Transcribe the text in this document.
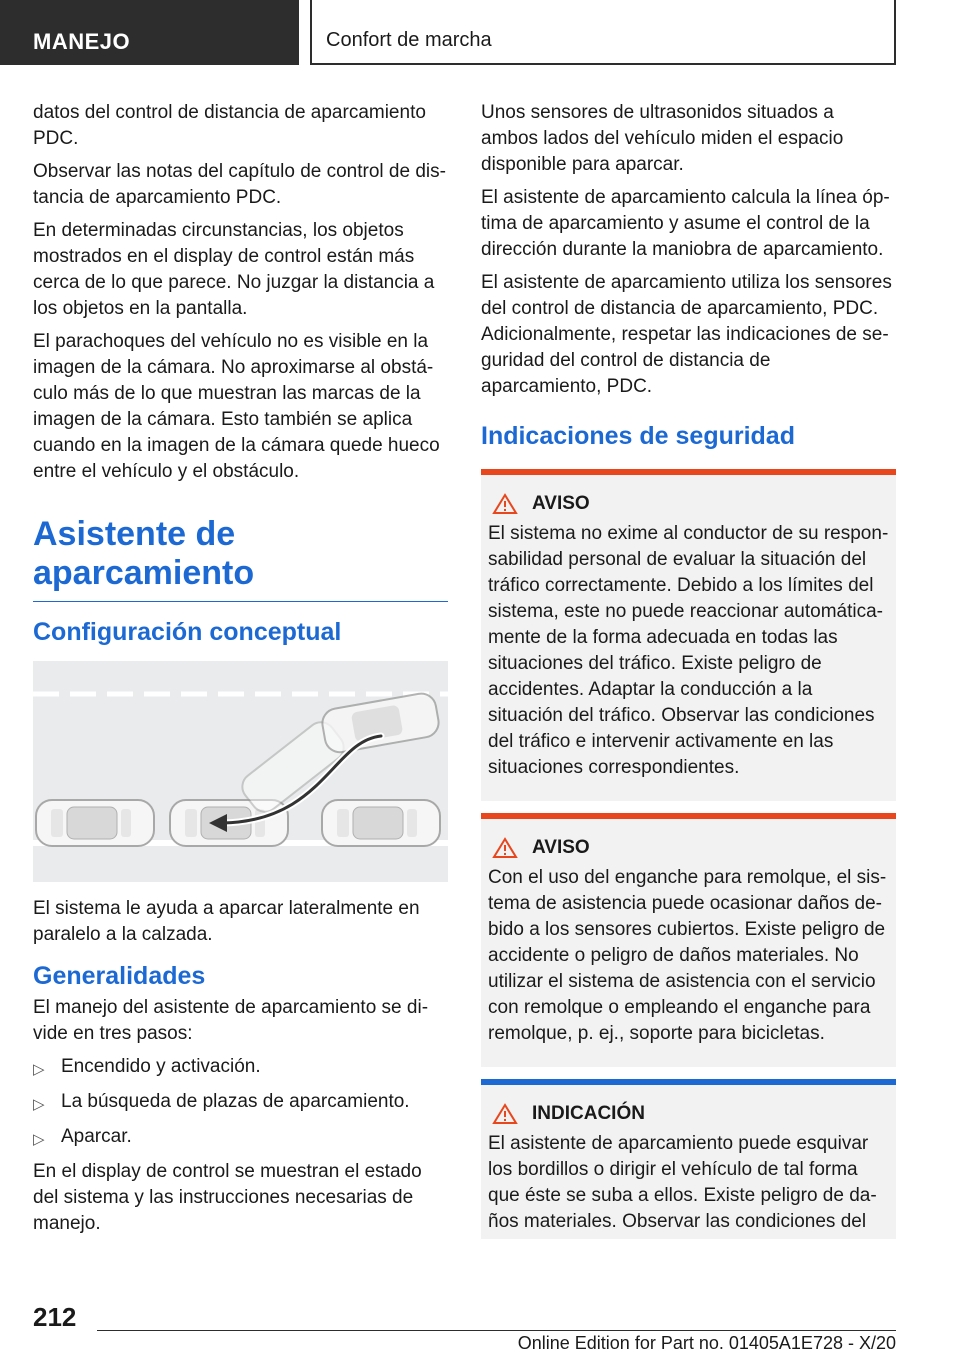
MANEJO	Confort de marcha

datos del control de distancia de aparcamiento PDC.

Observar las notas del capítulo de control de distancia de aparcamiento PDC.

En determinadas circunstancias, los objetos mostrados en el display de control están más cerca de lo que parece. No juzgar la distancia a los objetos en la pantalla.

El parachoques del vehículo no es visible en la imagen de la cámara. No aproximarse al obstáculo más de lo que muestran las marcas de la imagen de la cámara. Esto también se aplica cuando en la imagen de la cámara quede hueco entre el vehículo y el obstáculo.

Asistente de aparcamiento
Configuración conceptual

El sistema le ayuda a aparcar lateralmente en paralelo a la calzada.

Generalidades

El manejo del asistente de aparcamiento se divide en tres pasos:

▷ Encendido y activación.
▷ La búsqueda de plazas de aparcamiento.
▷ Aparcar.

En el display de control se muestran el estado del sistema y las instrucciones necesarias de manejo.

Unos sensores de ultrasonidos situados a ambos lados del vehículo miden el espacio disponible para aparcar.

El asistente de aparcamiento calcula la línea óptima de aparcamiento y asume el control de la dirección durante la maniobra de aparcamiento.

El asistente de aparcamiento utiliza los sensores del control de distancia de aparcamiento, PDC. Adicionalmente, respetar las indicaciones de seguridad del control de distancia de aparcamiento, PDC.

Indicaciones de seguridad
AVISO

El sistema no exime al conductor de su responsabilidad personal de evaluar la situación del tráfico correctamente. Debido a los límites del sistema, este no puede reaccionar automáticamente de la forma adecuada en todas las situaciones del tráfico. Existe peligro de accidentes. Adaptar la conducción a la situación del tráfico. Observar las condiciones del tráfico e intervenir activamente en las situaciones correspondientes.

AVISO

Con el uso del enganche para remolque, el sistema de asistencia puede ocasionar daños debido a los sensores cubiertos. Existe peligro de accidente o peligro de daños materiales. No utilizar el sistema de asistencia con el servicio con remolque o empleando el enganche para remolque, p. ej., soporte para bicicletas.

INDICACIÓN

El asistente de aparcamiento puede esquivar los bordillos o dirigir el vehículo de tal forma que éste se suba a ellos. Existe peligro de daños materiales. Observar las condiciones del

212
Online Edition for Part no. 01405A1E728 - X/20
